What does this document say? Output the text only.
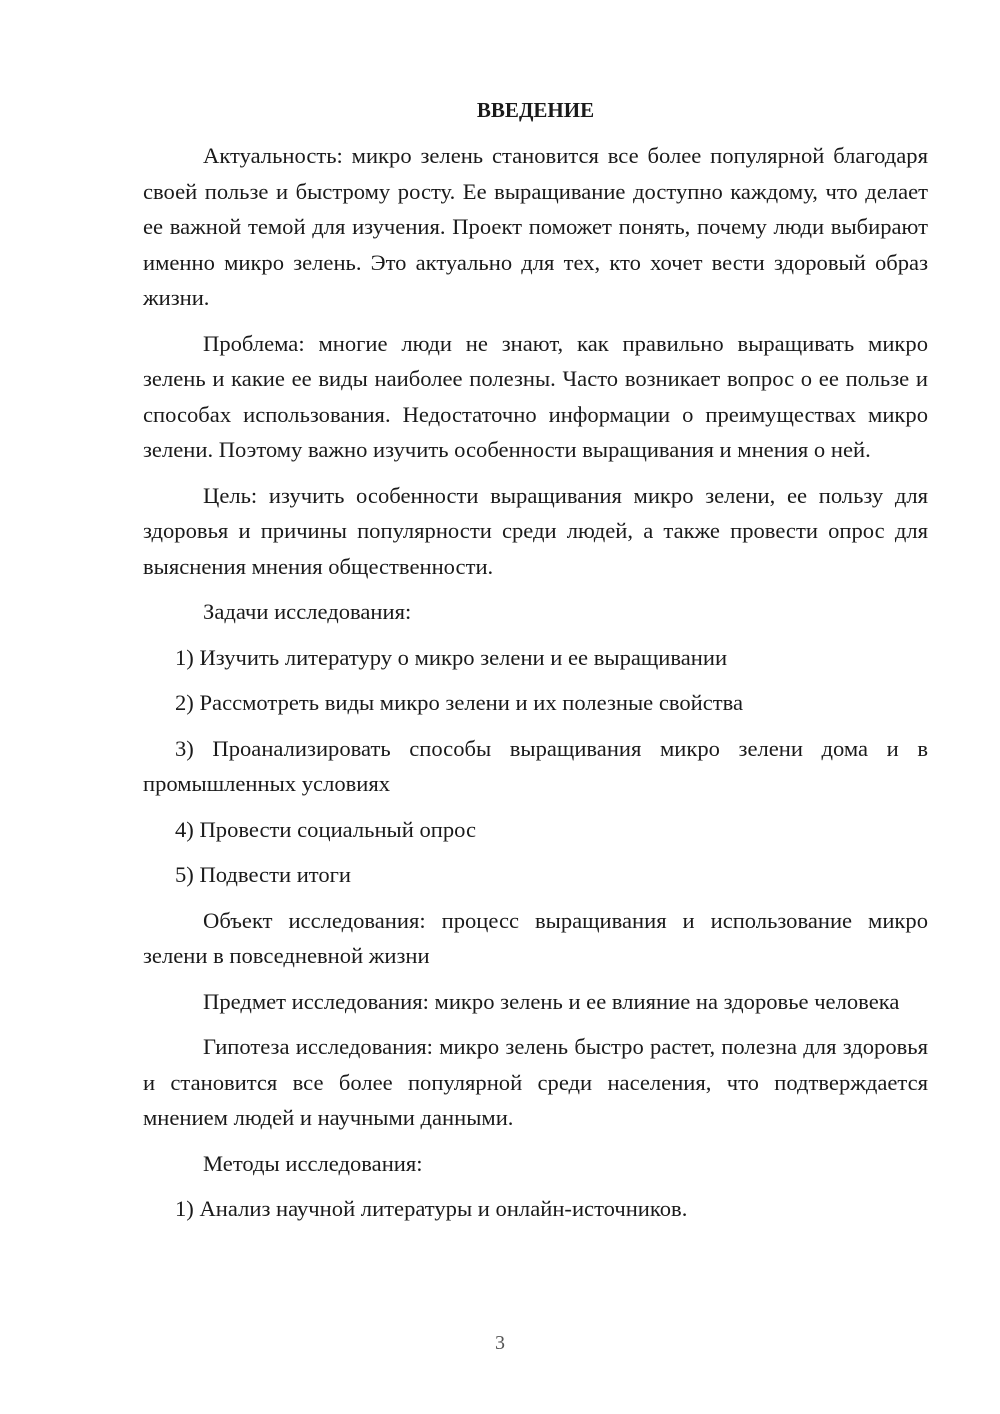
ВВЕДЕНИЕ

Актуальность: микро зелень становится все более популярной благодаря своей пользе и быстрому росту. Ее выращивание доступно каждому, что делает ее важной темой для изучения. Проект поможет понять, почему люди выбирают именно микро зелень. Это актуально для тех, кто хочет вести здоровый образ жизни.

Проблема: многие люди не знают, как правильно выращивать микро зелень и какие ее виды наиболее полезны. Часто возникает вопрос о ее пользе и способах использования. Недостаточно информации о преимуществах микро зелени. Поэтому важно изучить особенности выращивания и мнения о ней.

Цель: изучить особенности выращивания микро зелени, ее пользу для здоровья и причины популярности среди людей, а также провести опрос для выяснения мнения общественности.

Задачи исследования:

1) Изучить литературу о микро зелени и ее выращивании

2) Рассмотреть виды микро зелени и их полезные свойства

3) Проанализировать способы выращивания микро зелени дома и в промышленных условиях

4) Провести социальный опрос

5) Подвести итоги

Объект исследования: процесс выращивания и использование микро зелени в повседневной жизни

Предмет исследования: микро зелень и ее влияние на здоровье человека

Гипотеза исследования: микро зелень быстро растет, полезна для здоровья и становится все более популярной среди населения, что подтверждается мнением людей и научными данными.

Методы исследования:

1) Анализ научной литературы и онлайн-источников.

3
